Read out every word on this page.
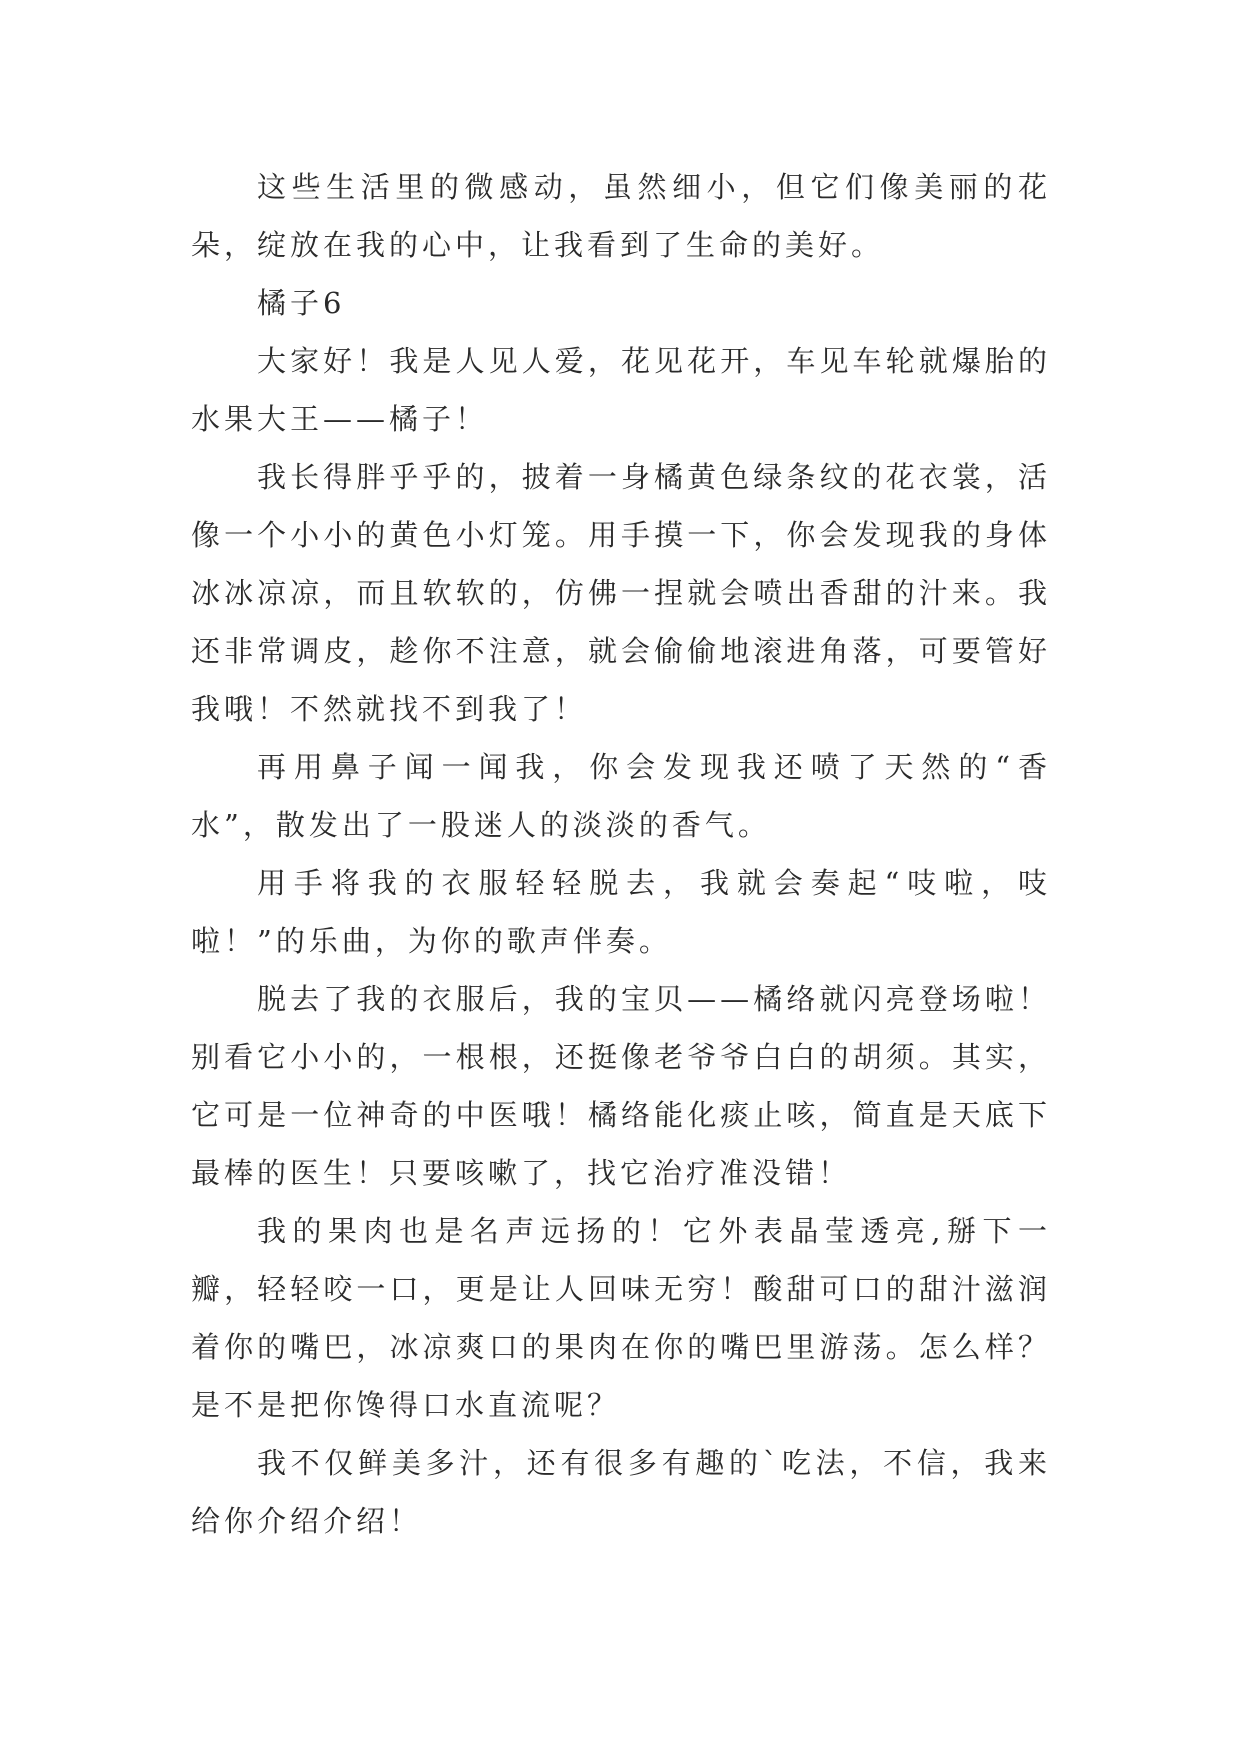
这些生活里的微感动，虽然细小，但它们像美丽的花朵，绽放在我的心中，让我看到了生命的美好。

橘子6

大家好！我是人见人爱，花见花开，车见车轮就爆胎的水果大王——橘子！

我长得胖乎乎的，披着一身橘黄色绿条纹的花衣裳，活像一个小小的黄色小灯笼。用手摸一下，你会发现我的身体冰冰凉凉，而且软软的，仿佛一捏就会喷出香甜的汁来。我还非常调皮，趁你不注意，就会偷偷地滚进角落，可要管好我哦！不然就找不到我了！

再用鼻子闻一闻我，你会发现我还喷了天然的“香水”，散发出了一股迷人的淡淡的香气。

用手将我的衣服轻轻脱去，我就会奏起“吱啦，吱啦！”的乐曲，为你的歌声伴奏。

脱去了我的衣服后，我的宝贝——橘络就闪亮登场啦！别看它小小的，一根根，还挺像老爷爷白白的胡须。其实，它可是一位神奇的中医哦！橘络能化痰止咳，简直是天底下最棒的医生！只要咳嗽了，找它治疗准没错！

我的果肉也是名声远扬的！它外表晶莹透亮,掰下一瓣，轻轻咬一口，更是让人回味无穷！酸甜可口的甜汁滋润着你的嘴巴，冰凉爽口的果肉在你的嘴巴里游荡。怎么样？是不是把你馋得口水直流呢？

我不仅鲜美多汁，还有很多有趣的`吃法，不信，我来给你介绍介绍！
